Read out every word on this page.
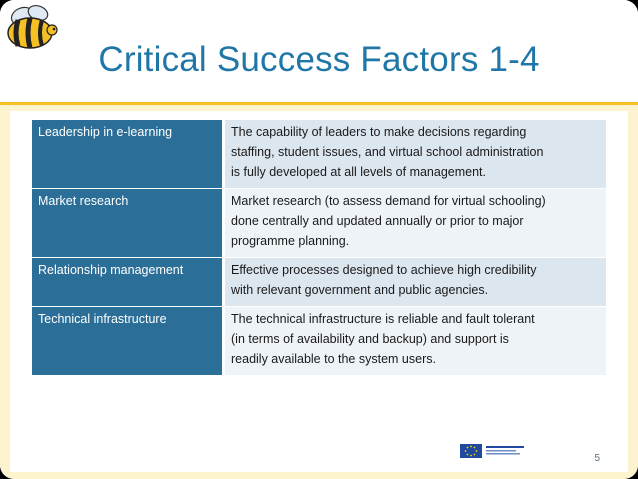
Critical Success Factors 1-4
Leadership in e-learning	The capability of leaders to make decisions regarding
staffing, student issues, and virtual school administration
is fully developed at all levels of management.

Market research	Market research (to assess demand for virtual schooling)
done centrally and updated annually or prior to major
programme planning.

Relationship management	Effective processes designed to achieve high credibility
with relevant government and public agencies.

Technical infrastructure	The technical infrastructure is reliable and fault tolerant
(in terms of availability and backup) and support is
readily available to the system users.
5
